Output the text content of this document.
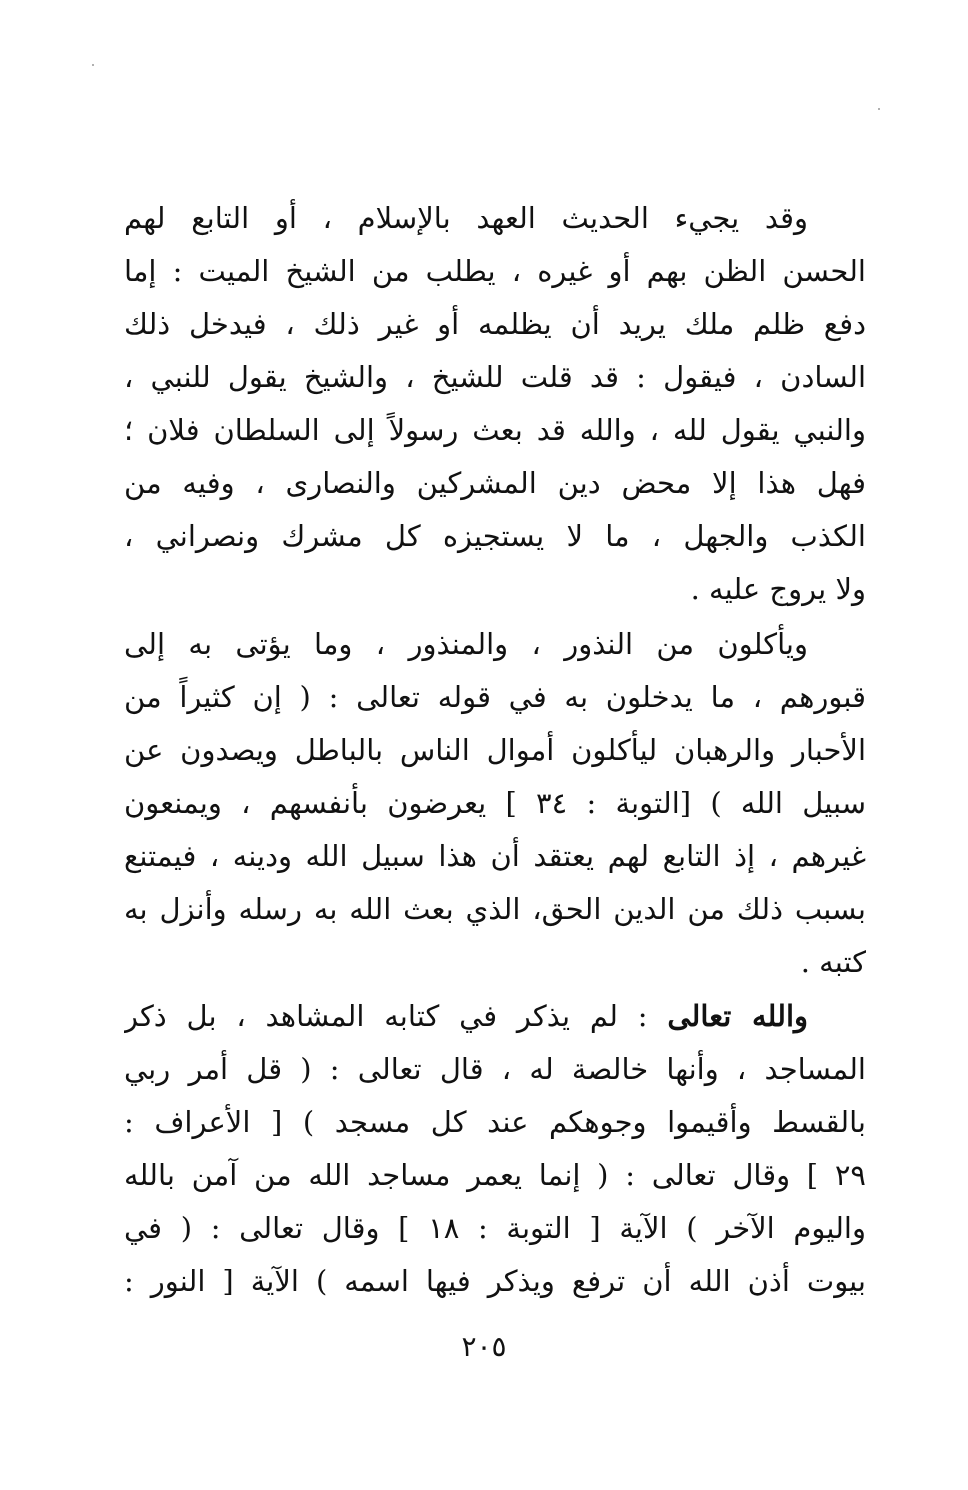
وقد يجيء الحديث العهد بالإسلام ، أو التابع لهم
الحسن الظن بهم أو غيره ، يطلب من الشيخ الميت : إما
دفع ظلم ملك يريد أن يظلمه أو غير ذلك ، فيدخل ذلك
السادن ، فيقول : قد قلت للشيخ ، والشيخ يقول للنبي ،
والنبي يقول لله ، والله قد بعث رسولاً إلى السلطان فلان ؛
فهل هذا إلا محض دين المشركين والنصارى ، وفيه من
الكذب والجهل ، ما لا يستجيزه كل مشرك ونصراني ،
ولا يروج عليه .
ويأكلون من النذور ، والمنذور ، وما يؤتى به إلى
قبورهم ، ما يدخلون به في قوله تعالى : ( إن كثيراً من
الأحبار والرهبان ليأكلون أموال الناس بالباطل ويصدون عن
سبيل الله ) [التوبة : ٣٤ ] يعرضون بأنفسهم ، ويمنعون
غيرهم ، إذ التابع لهم يعتقد أن هذا سبيل الله ودينه ، فيمتنع
بسبب ذلك من الدين الحق، الذي بعث الله به رسله وأنزل به
كتبه .
والله تعالى : لم يذكر في كتابه المشاهد ، بل ذكر
المساجد ، وأنها خالصة له ، قال تعالى : ( قل أمر ربي
بالقسط وأقيموا وجوهكم عند كل مسجد ) [ الأعراف :
٢٩ ] وقال تعالى : ( إنما يعمر مساجد الله من آمن بالله
واليوم الآخر ) الآية [ التوبة : ١٨ ] وقال تعالى : ( في
بيوت أذن الله أن ترفع ويذكر فيها اسمه ) الآية [ النور :
٢٠٥
